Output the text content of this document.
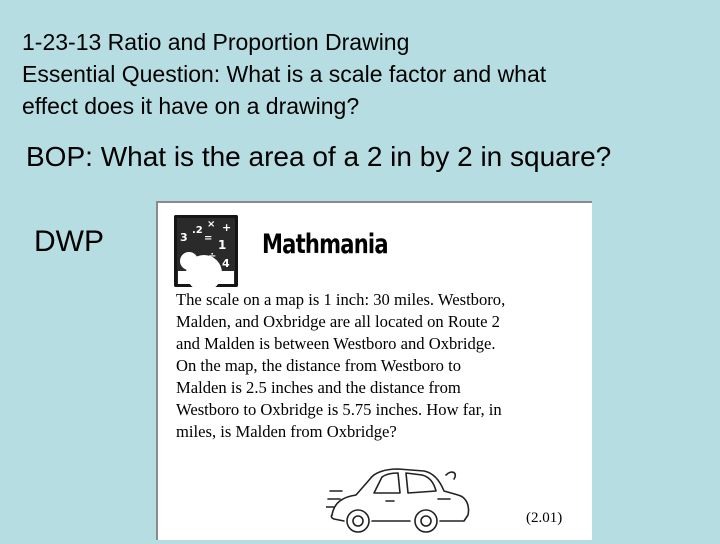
1-23-13 Ratio and Proportion Drawing
Essential Question: What is a scale factor and what
effect does it have on a drawing?
BOP: What is the area of a 2 in by 2 in square?
DWP	3
.2
× +
= 1
÷
4
Mathmania
The scale on a map is 1 inch: 30 miles. Westboro,
Malden, and Oxbridge are all located on Route 2
and Malden is between Westboro and Oxbridge.
On the map, the distance from Westboro to
Malden is 2.5 inches and the distance from
Westboro to Oxbridge is 5.75 inches. How far, in
miles, is Malden from Oxbridge?
(2.01)
